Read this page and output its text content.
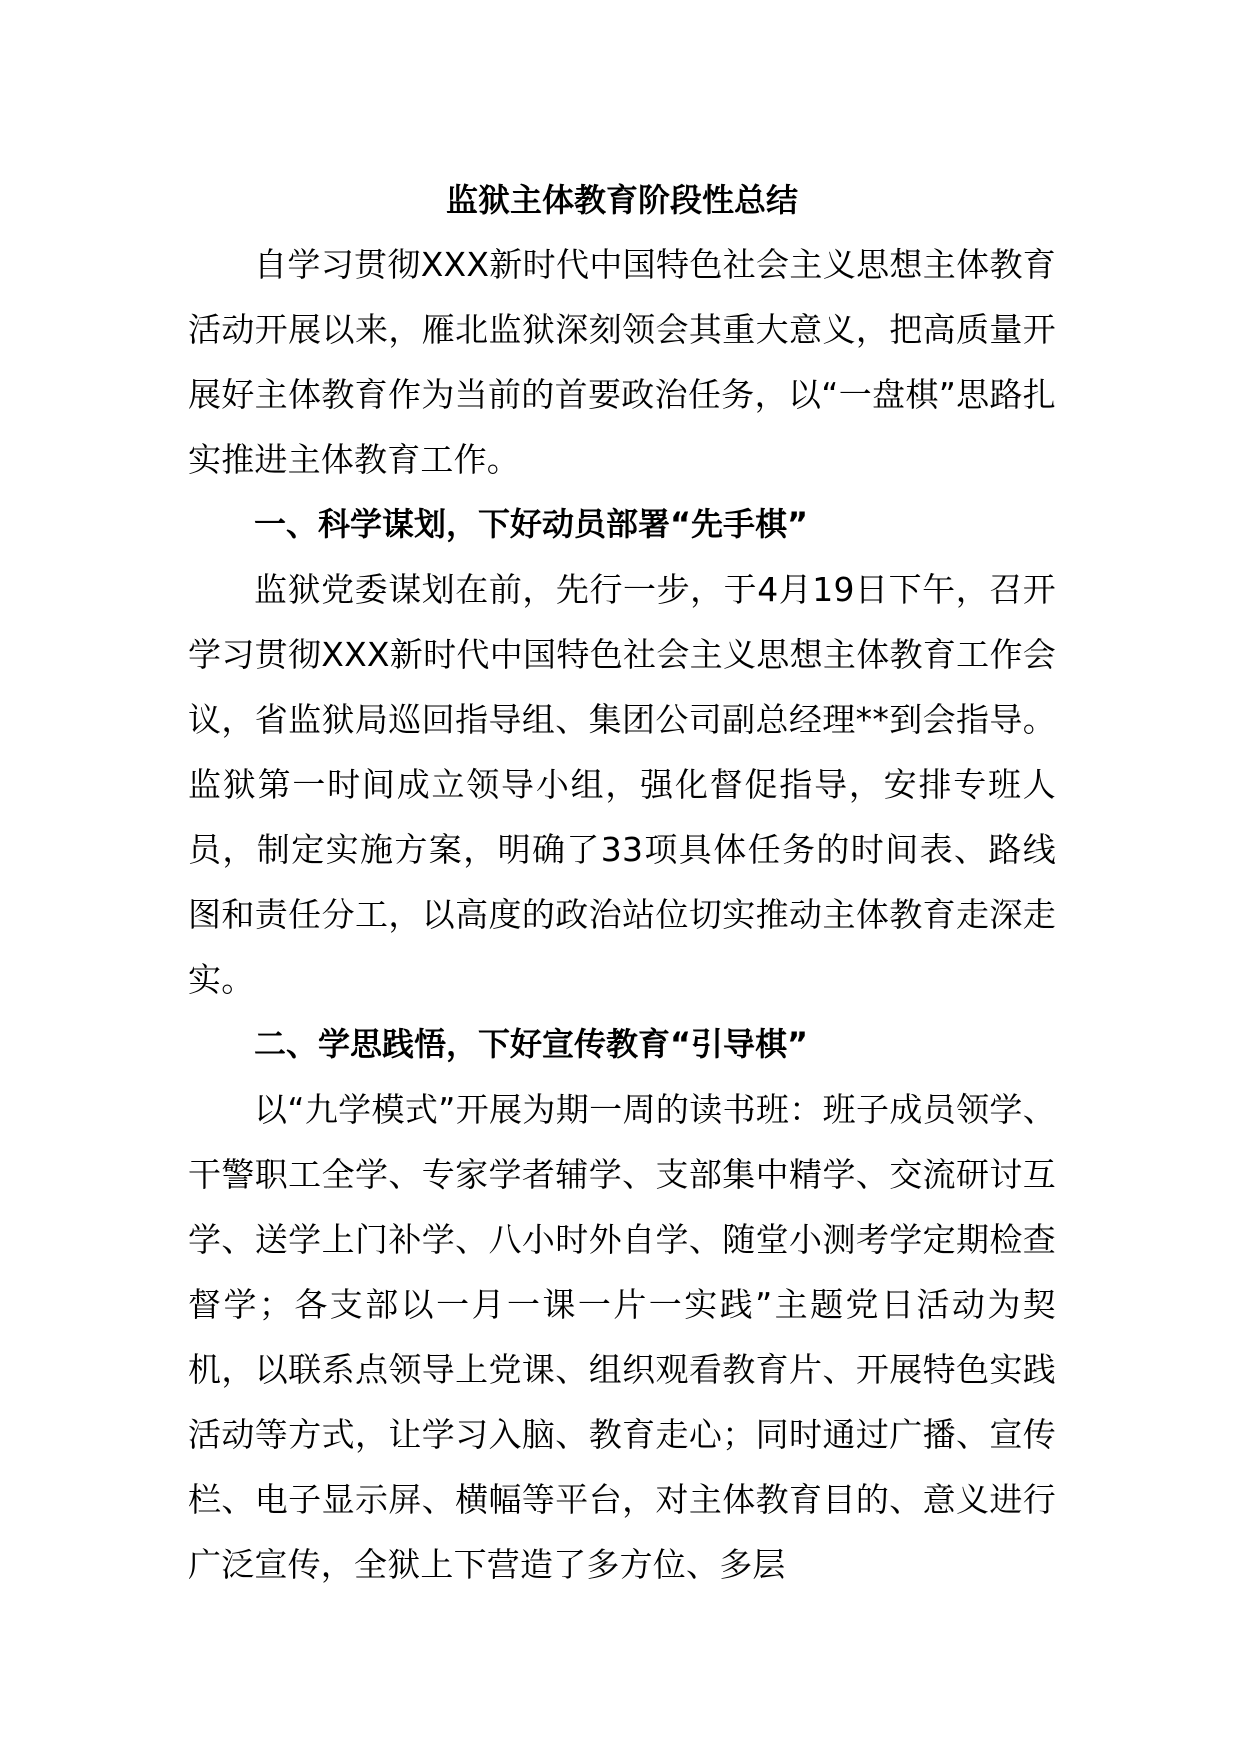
监狱主体教育阶段性总结

自学习贯彻XXX新时代中国特色社会主义思想主体教育活动开展以来，雁北监狱深刻领会其重大意义，把高质量开展好主体教育作为当前的首要政治任务，以“一盘棋”思路扎实推进主体教育工作。

一、科学谋划，下好动员部署“先手棋”

监狱党委谋划在前，先行一步，于4月19日下午，召开学习贯彻XXX新时代中国特色社会主义思想主体教育工作会议，省监狱局巡回指导组、集团公司副总经理**到会指导。监狱第一时间成立领导小组，强化督促指导，安排专班人员，制定实施方案，明确了33项具体任务的时间表、路线图和责任分工，以高度的政治站位切实推动主体教育走深走实。

二、学思践悟，下好宣传教育“引导棋”

以“九学模式”开展为期一周的读书班：班子成员领学、干警职工全学、专家学者辅学、支部集中精学、交流研讨互学、送学上门补学、八小时外自学、随堂小测考学定期检查督学；各支部以一月一课一片一实践”主题党日活动为契机，以联系点领导上党课、组织观看教育片、开展特色实践活动等方式，让学习入脑、教育走心；同时通过广播、宣传栏、电子显示屏、横幅等平台，对主体教育目的、意义进行广泛宣传，全狱上下营造了多方位、多层
